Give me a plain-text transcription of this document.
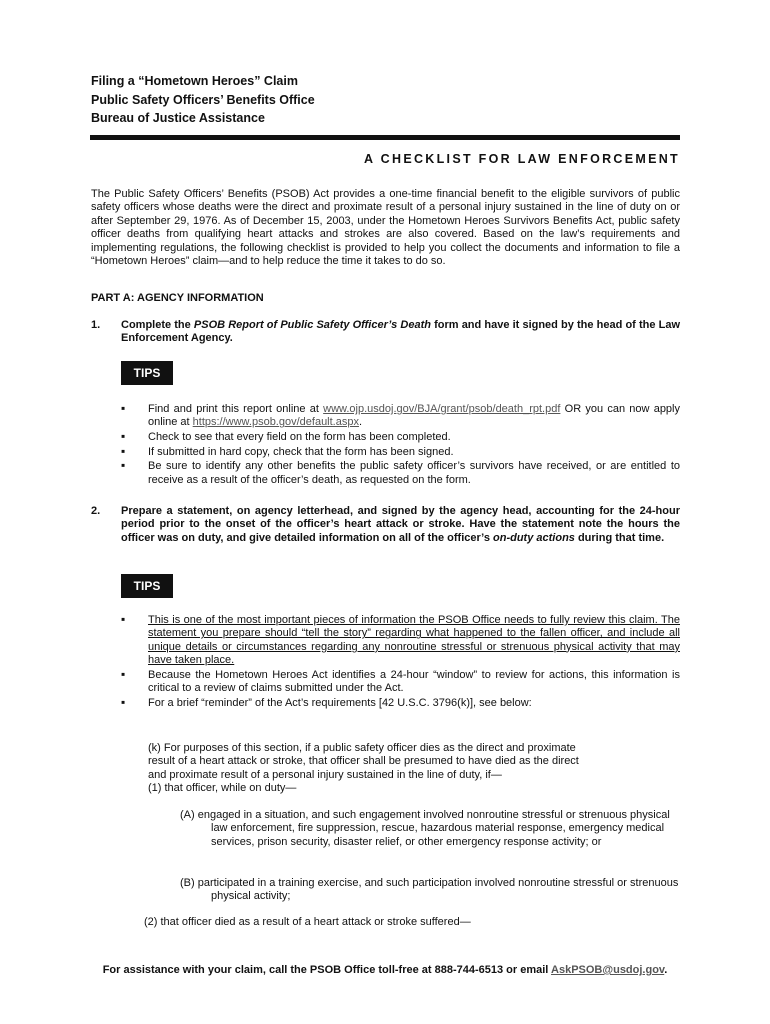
Filing a “Hometown Heroes” Claim
Public Safety Officers’ Benefits Office
Bureau of Justice Assistance
A CHECKLIST FOR LAW ENFORCEMENT
The Public Safety Officers’ Benefits (PSOB) Act provides a one-time financial benefit to the eligible survivors of public safety officers whose deaths were the direct and proximate result of a personal injury sustained in the line of duty on or after September 29, 1976. As of December 15, 2003, under the Hometown Heroes Survivors Benefits Act, public safety officer deaths from qualifying heart attacks and strokes are also covered. Based on the law’s requirements and implementing regulations, the following checklist is provided to help you collect the documents and information to file a “Hometown Heroes” claim—and to help reduce the time it takes to do so.
PART A: AGENCY INFORMATION
1. Complete the PSOB Report of Public Safety Officer’s Death form and have it signed by the head of the Law Enforcement Agency.
TIPS
▪ Find and print this report online at www.ojp.usdoj.gov/BJA/grant/psob/death_rpt.pdf OR you can now apply online at https://www.psob.gov/default.aspx.
▪ Check to see that every field on the form has been completed.
▪ If submitted in hard copy, check that the form has been signed.
▪ Be sure to identify any other benefits the public safety officer’s survivors have received, or are entitled to receive as a result of the officer’s death, as requested on the form.
2. Prepare a statement, on agency letterhead, and signed by the agency head, accounting for the 24-hour period prior to the onset of the officer’s heart attack or stroke. Have the statement note the hours the officer was on duty, and give detailed information on all of the officer’s on-duty actions during that time.
TIPS
▪ This is one of the most important pieces of information the PSOB Office needs to fully review this claim. The statement you prepare should “tell the story” regarding what happened to the fallen officer, and include all unique details or circumstances regarding any nonroutine stressful or strenuous physical activity that may have taken place.
▪ Because the Hometown Heroes Act identifies a 24-hour “window” to review for actions, this information is critical to a review of claims submitted under the Act.
▪ For a brief “reminder” of the Act’s requirements [42 U.S.C. 3796(k)], see below:
(k) For purposes of this section, if a public safety officer dies as the direct and proximate result of a heart attack or stroke, that officer shall be presumed to have died as the direct and proximate result of a personal injury sustained in the line of duty, if—
(1) that officer, while on duty—
(A) engaged in a situation, and such engagement involved nonroutine stressful or strenuous physical law enforcement, fire suppression, rescue, hazardous material response, emergency medical services, prison security, disaster relief, or other emergency response activity; or
(B) participated in a training exercise, and such participation involved nonroutine stressful or strenuous physical activity;
(2) that officer died as a result of a heart attack or stroke suffered—
For assistance with your claim, call the PSOB Office toll-free at 888-744-6513 or email AskPSOB@usdoj.gov.
